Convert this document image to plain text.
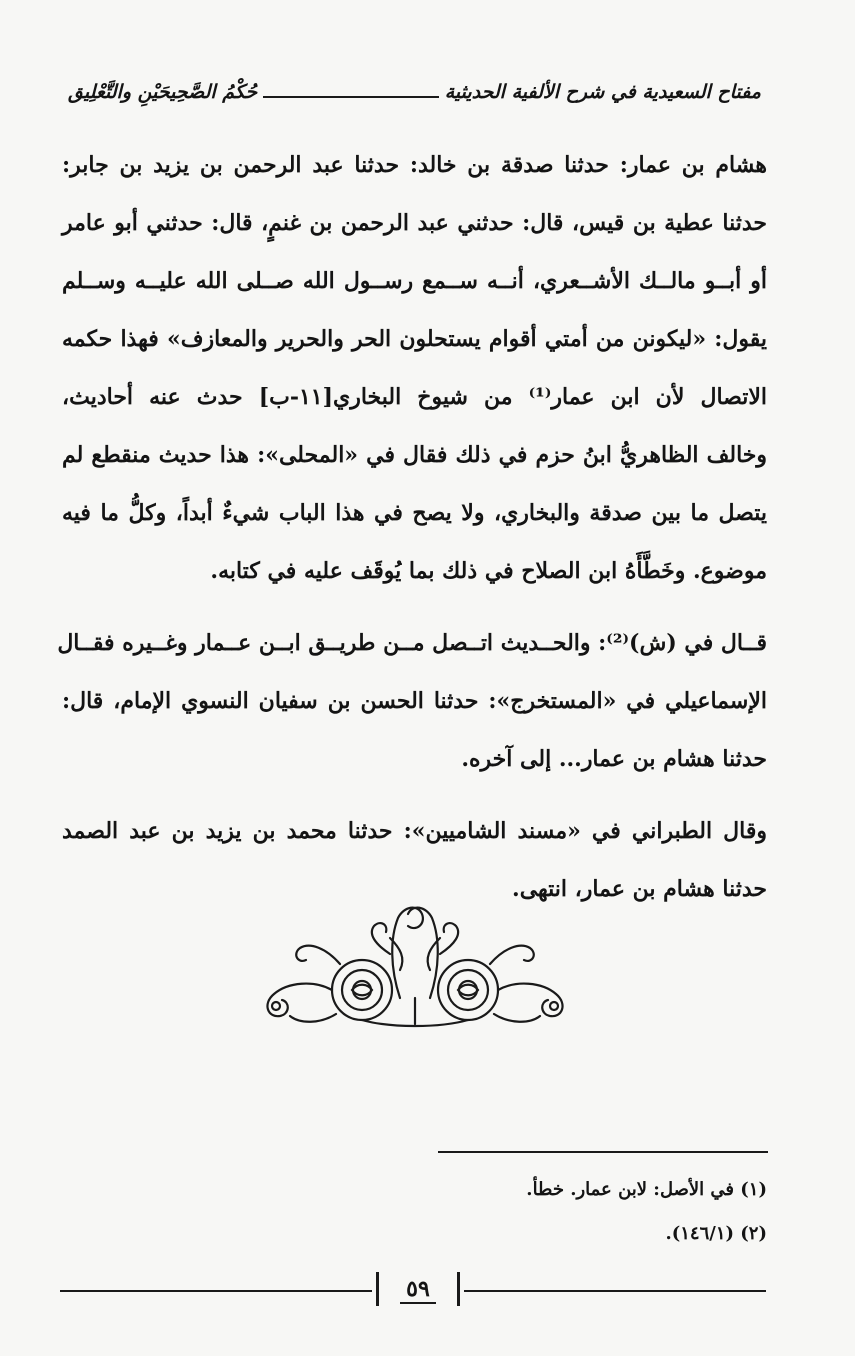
مفتاح السعيدية في شرح الألفية الحديثية
حُكْمُ الصَّحِيحَيْنِ والتَّعْلِيق
هشام بن عمار: حدثنا صدقة بن خالد: حدثنا عبد الرحمن بن يزيد بن جابر:
حدثنا عطية بن قيس، قال: حدثني عبد الرحمن بن غنمٍ، قال: حدثني أبو عامر
أو أبــو مالــك الأشــعري، أنــه ســمع رســول الله صــلى الله عليــه وســلم
يقول: «ليكونن من أمتي أقوام يستحلون الحر والحرير والمعازف» فهذا حكمه
الاتصال لأن ابن عمار⁽¹⁾ من شيوخ البخاري[١١-ب] حدث عنه أحاديث،
وخالف الظاهريُّ ابنُ حزم في ذلك فقال في «المحلى»: هذا حديث منقطع لم
يتصل ما بين صدقة والبخاري، ولا يصح في هذا الباب شيءٌ أبداً، وكلُّ ما فيه
موضوع. وخَطَّأَهُ ابن الصلاح في ذلك بما يُوقَف عليه في كتابه.
قــال في (ش)⁽²⁾: والحــديث اتــصل مــن طريــق ابــن عــمار وغــيره فقــال
الإسماعيلي في «المستخرج»: حدثنا الحسن بن سفيان النسوي الإمام، قال:
حدثنا هشام بن عمار... إلى آخره.
وقال الطبراني في «مسند الشاميين»: حدثنا محمد بن يزيد بن عبد الصمد
حدثنا هشام بن عمار، انتهى.
(١) في الأصل: لابن عمار. خطأ.
(٢) (١٤٦/١).
٥٩
